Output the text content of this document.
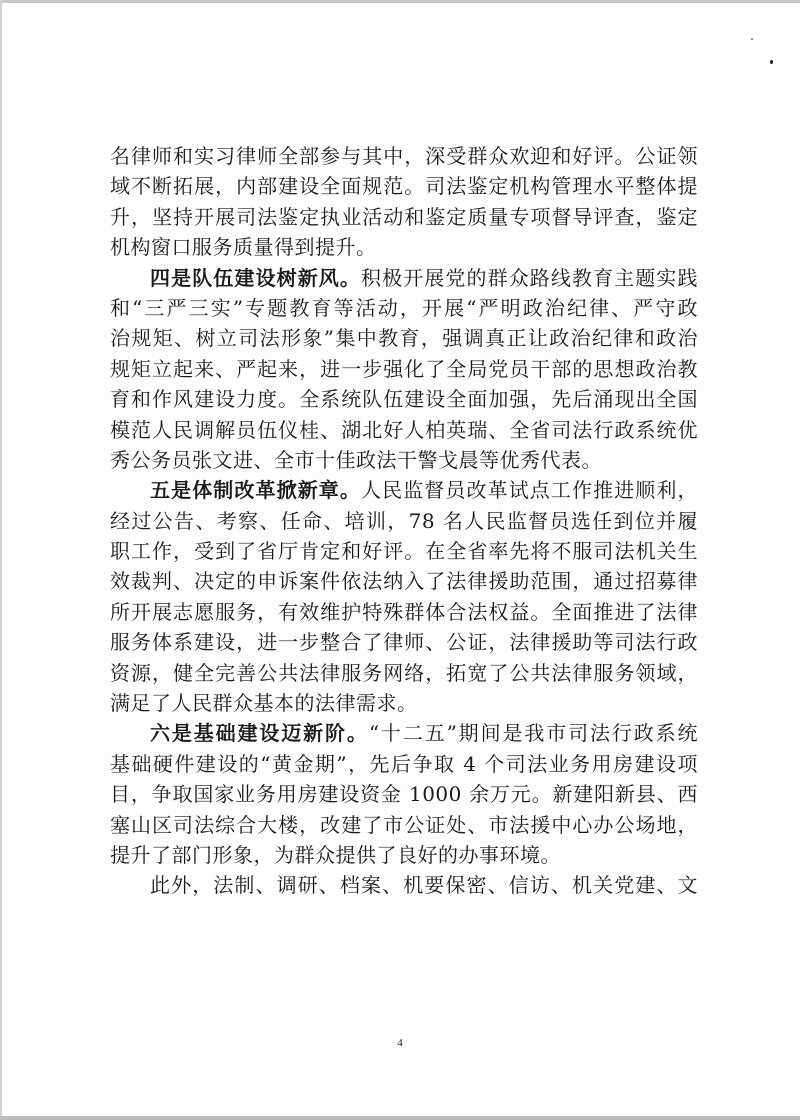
名律师和实习律师全部参与其中，深受群众欢迎和好评。公证领
域不断拓展，内部建设全面规范。司法鉴定机构管理水平整体提
升，坚持开展司法鉴定执业活动和鉴定质量专项督导评查，鉴定
机构窗口服务质量得到提升。
四是队伍建设树新风。积极开展党的群众路线教育主题实践
和“三严三实”专题教育等活动，开展“严明政治纪律、严守政
治规矩、树立司法形象”集中教育，强调真正让政治纪律和政治
规矩立起来、严起来，进一步强化了全局党员干部的思想政治教
育和作风建设力度。全系统队伍建设全面加强，先后涌现出全国
模范人民调解员伍仪桂、湖北好人柏英瑞、全省司法行政系统优
秀公务员张文进、全市十佳政法干警戈晨等优秀代表。
五是体制改革掀新章。人民监督员改革试点工作推进顺利，
经过公告、考察、任命、培训，78 名人民监督员选任到位并履
职工作，受到了省厅肯定和好评。在全省率先将不服司法机关生
效裁判、决定的申诉案件依法纳入了法律援助范围，通过招募律
所开展志愿服务，有效维护特殊群体合法权益。全面推进了法律
服务体系建设，进一步整合了律师、公证，法律援助等司法行政
资源，健全完善公共法律服务网络，拓宽了公共法律服务领域，
满足了人民群众基本的法律需求。
六是基础建设迈新阶。“十二五”期间是我市司法行政系统
基础硬件建设的“黄金期”，先后争取 4 个司法业务用房建设项
目，争取国家业务用房建设资金 1000 余万元。新建阳新县、西
塞山区司法综合大楼，改建了市公证处、市法援中心办公场地，
提升了部门形象，为群众提供了良好的办事环境。
此外，法制、调研、档案、机要保密、信访、机关党建、文
4
